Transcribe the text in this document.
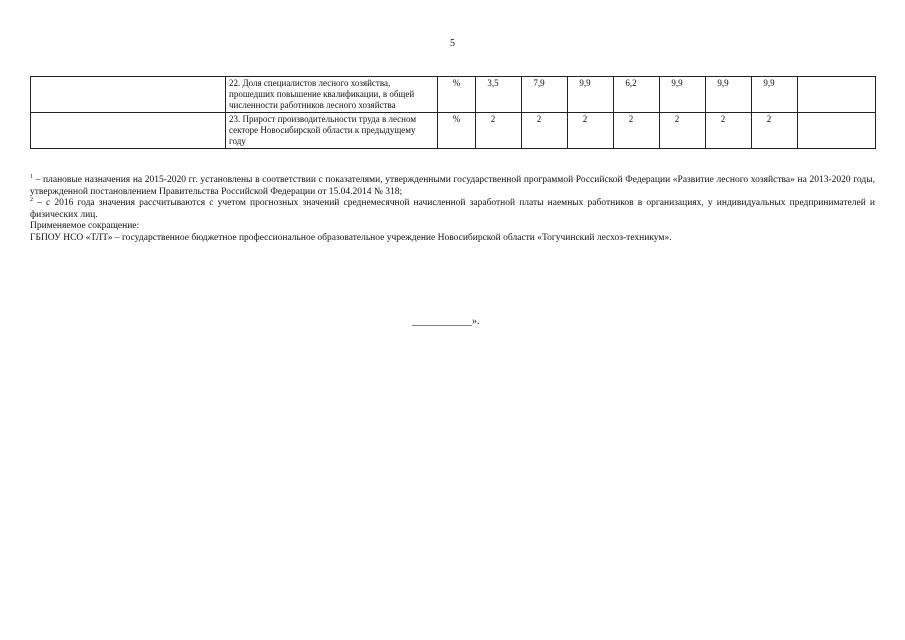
5
	22. Доля специалистов лесного хозяйства, прошедших повышение квалификации, в общей численности работников лесного хозяйства	%	3,5	7,9	9,9	6,2	9,9	9,9	9,9	
	23. Прирост производительности труда в лесном секторе Новосибирской области к предыдущему году	%	2	2	2	2	2	2	2	

$^1$ – плановые назначения на 2015-2020 гг. установлены в соответствии с показателями, утвержденными государственной программой Российской Федерации «Развитие лесного хозяйства» на 2013-2020 годы, утвержденной постановлением Правительства Российской Федерации от 15.04.2014 № 318;

$^2$ – с 2016 года значения рассчитываются с учетом прогнозных значений среднемесячной начисленной заработной платы наемных работников в организациях, у индивидуальных предпринимателей и физических лиц.

Применяемое сокращение:

ГБПОУ НСО «ТЛТ» – государственное бюджетное профессиональное образовательное учреждение Новосибирской области «Тогучинский лесхоз-техникум».

____________».
